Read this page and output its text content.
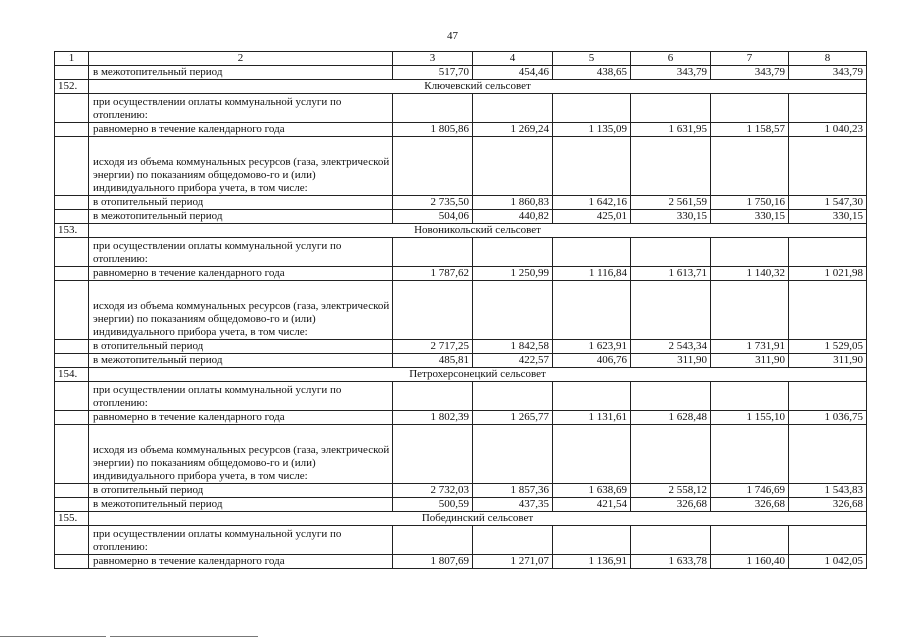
47
1	2	3	4	5	6	7	8
	в межотопительный период	517,70	454,46	438,65	343,79	343,79	343,79
152.	Ключевский сельсовет						
	при осуществлении оплаты коммунальной услуги по отоплению:						
	равномерно в течение календарного года	1 805,86	1 269,24	1 135,09	1 631,95	1 158,57	1 040,23
	исходя из объема коммунальных ресурсов (газа, электрической энергии) по показаниям общедомово-го и (или) индивидуального прибора учета, в том числе:						
	в отопительный период	2 735,50	1 860,83	1 642,16	2 561,59	1 750,16	1 547,30
	в межотопительный период	504,06	440,82	425,01	330,15	330,15	330,15
153.	Новоникольский сельсовет						
	при осуществлении оплаты коммунальной услуги по отоплению:						
	равномерно в течение календарного года	1 787,62	1 250,99	1 116,84	1 613,71	1 140,32	1 021,98
	исходя из объема коммунальных ресурсов (газа, электрической энергии) по показаниям общедомово-го и (или) индивидуального прибора учета, в том числе:						
	в отопительный период	2 717,25	1 842,58	1 623,91	2 543,34	1 731,91	1 529,05
	в межотопительный период	485,81	422,57	406,76	311,90	311,90	311,90
154.	Петрохерсонецкий сельсовет						
	при осуществлении оплаты коммунальной услуги по отоплению:						
	равномерно в течение календарного года	1 802,39	1 265,77	1 131,61	1 628,48	1 155,10	1 036,75
	исходя из объема коммунальных ресурсов (газа, электрической энергии) по показаниям общедомово-го и (или) индивидуального прибора учета, в том числе:						
	в отопительный период	2 732,03	1 857,36	1 638,69	2 558,12	1 746,69	1 543,83
	в межотопительный период	500,59	437,35	421,54	326,68	326,68	326,68
155.	Побединский сельсовет						
	при осуществлении оплаты коммунальной услуги по отоплению:						
	равномерно в течение календарного года	1 807,69	1 271,07	1 136,91	1 633,78	1 160,40	1 042,05
